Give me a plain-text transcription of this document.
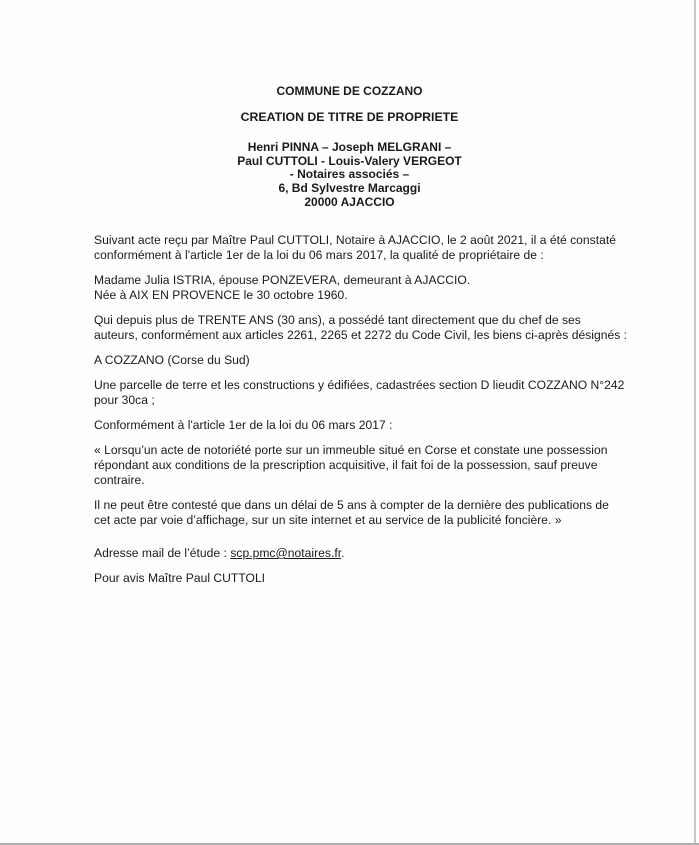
COMMUNE DE COZZANO
CREATION DE TITRE DE PROPRIETE
Henri PINNA – Joseph MELGRANI –
Paul CUTTOLI - Louis-Valery VERGEOT
- Notaires associés –
6, Bd Sylvestre Marcaggi
20000 AJACCIO
Suivant acte reçu par Maître Paul CUTTOLI, Notaire à AJACCIO, le 2 août 2021, il a été constaté
conformément à l'article 1er de la loi du 06 mars 2017, la qualité de propriétaire de :
Madame Julia ISTRIA, épouse PONZEVERA, demeurant à AJACCIO.
Née à AIX EN PROVENCE le 30 octobre 1960.
Qui depuis plus de TRENTE ANS (30 ans), a possédé tant directement que du chef de ses
auteurs, conformément aux articles 2261, 2265 et 2272 du Code Civil, les biens ci-après désignés :
A COZZANO (Corse du Sud)
Une parcelle de terre et les constructions y édifiées, cadastrées section D lieudit COZZANO N°242
pour 30ca ;
Conformément à l'article 1er de la loi du 06 mars 2017 :
« Lorsqu’un acte de notoriété porte sur un immeuble situé en Corse et constate une possession
répondant aux conditions de la prescription acquisitive, il fait foi de la possession, sauf preuve
contraire.
Il ne peut être contesté que dans un délai de 5 ans à compter de la dernière des publications de
cet acte par voie d’affichage, sur un site internet et au service de la publicité foncière. »
Adresse mail de l’étude : scp.pmc@notaires.fr.
Pour avis Maître Paul CUTTOLI
